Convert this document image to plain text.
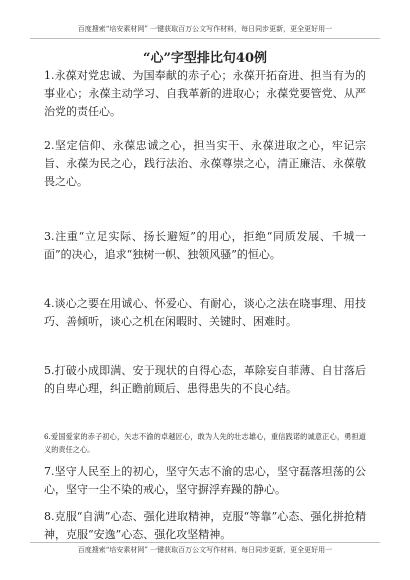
百度搜索“培安素材网” 一键获取百万公文写作材料，每日同步更新，更全更好用一
“心”字型排比句40例

1.永葆对党忠诚、为国奉献的赤子心；永葆开拓奋进、担当有为的事业心；永葆主动学习、自我革新的进取心；永葆党要管党、从严治党的责任心。

2.坚定信仰、永葆忠诚之心，担当实干、永葆进取之心，牢记宗旨、永葆为民之心，践行法治、永葆尊崇之心，清正廉洁、永葆敬畏之心。

3.注重“立足实际、扬长避短”的用心，拒绝“同质发展、千城一面”的决心，追求“独树一帜、独领风骚”的恒心。

4.谈心之要在用诚心、怀爱心、有耐心，谈心之法在晓事理、用技巧、善倾听，谈心之机在闲暇时、关键时、困难时。

5.打破小成即满、安于现状的自得心态，革除妄自菲薄、自甘落后的自卑心理，纠正瞻前顾后、患得患失的不良心结。

6.爱国爱家的赤子初心，矢志不渝的卓越匠心，敢为人先的壮志雄心，重信践诺的诚意正心，勇担道义的责任之心。

7.坚守人民至上的初心，坚守矢志不渝的忠心，坚守磊落坦荡的公心，坚守一尘不染的戒心，坚守摒浮弃躁的静心。

8.克服“自满”心态、强化进取精神，克服“等靠”心态、强化拼抢精神，克服“安逸”心态、强化攻坚精神。

百度搜索“培安素材网” 一键获取百万公文写作材料，每日同步更新，更全更好用一
